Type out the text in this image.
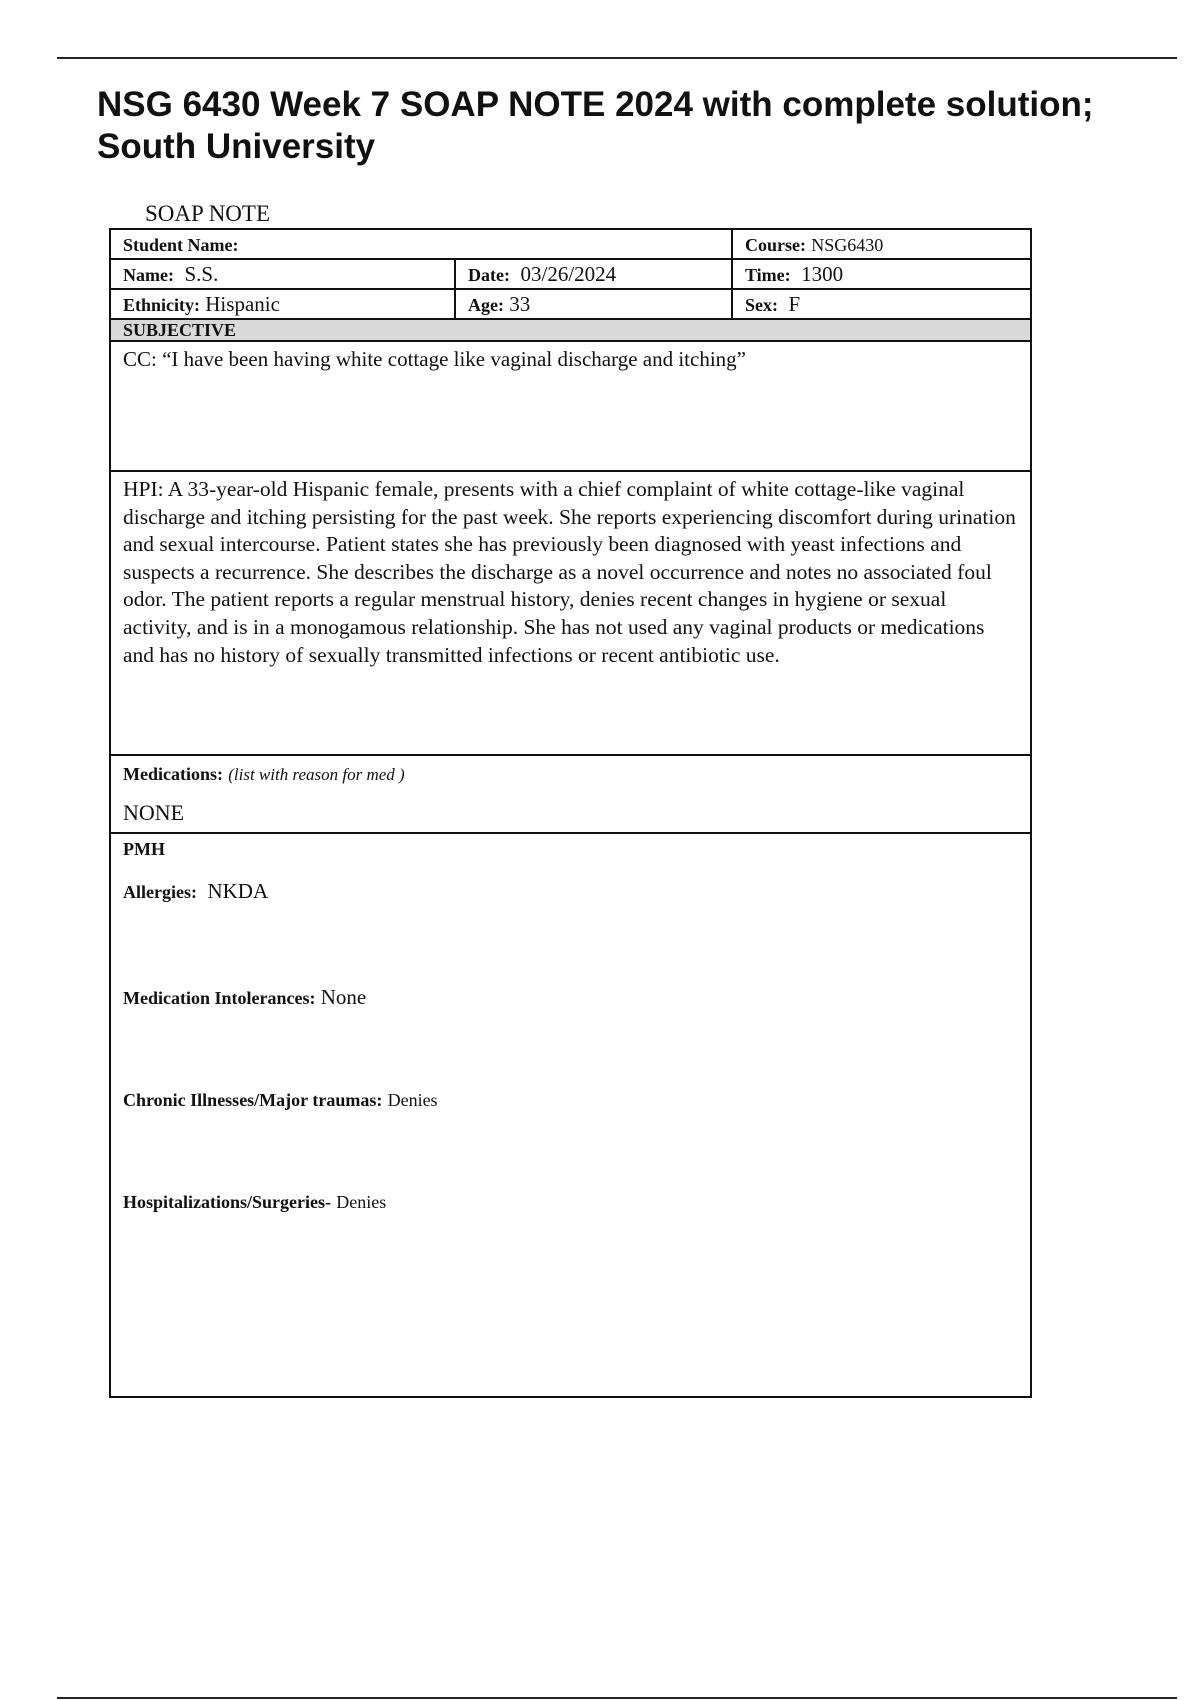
NSG 6430 Week 7 SOAP NOTE 2024 with complete solution; South University
SOAP NOTE
Student Name:		Course: NSG6430
Name: S.S.	Date: 03/26/2024	Time: 1300
Ethnicity: Hispanic	Age: 33	Sex: F
SUBJECTIVE		
CC: “I have been having white cottage like vaginal discharge and itching”		
HPI: A 33-year-old Hispanic female, presents with a chief complaint of white cottage-like vaginal discharge and itching persisting for the past week. She reports experiencing discomfort during urination and sexual intercourse. Patient states she has previously been diagnosed with yeast infections and suspects a recurrence. She describes the discharge as a novel occurrence and notes no associated foul odor. The patient reports a regular menstrual history, denies recent changes in hygiene or sexual activity, and is in a monogamous relationship. She has not used any vaginal products or medications and has no history of sexually transmitted infections or recent antibiotic use.		
Medications: (list with reason for med )
NONE		

PMH
Allergies: NKDA
Medication Intolerances: None
Chronic Illnesses/Major traumas: Denies
Hospitalizations/Surgeries- Denies		
